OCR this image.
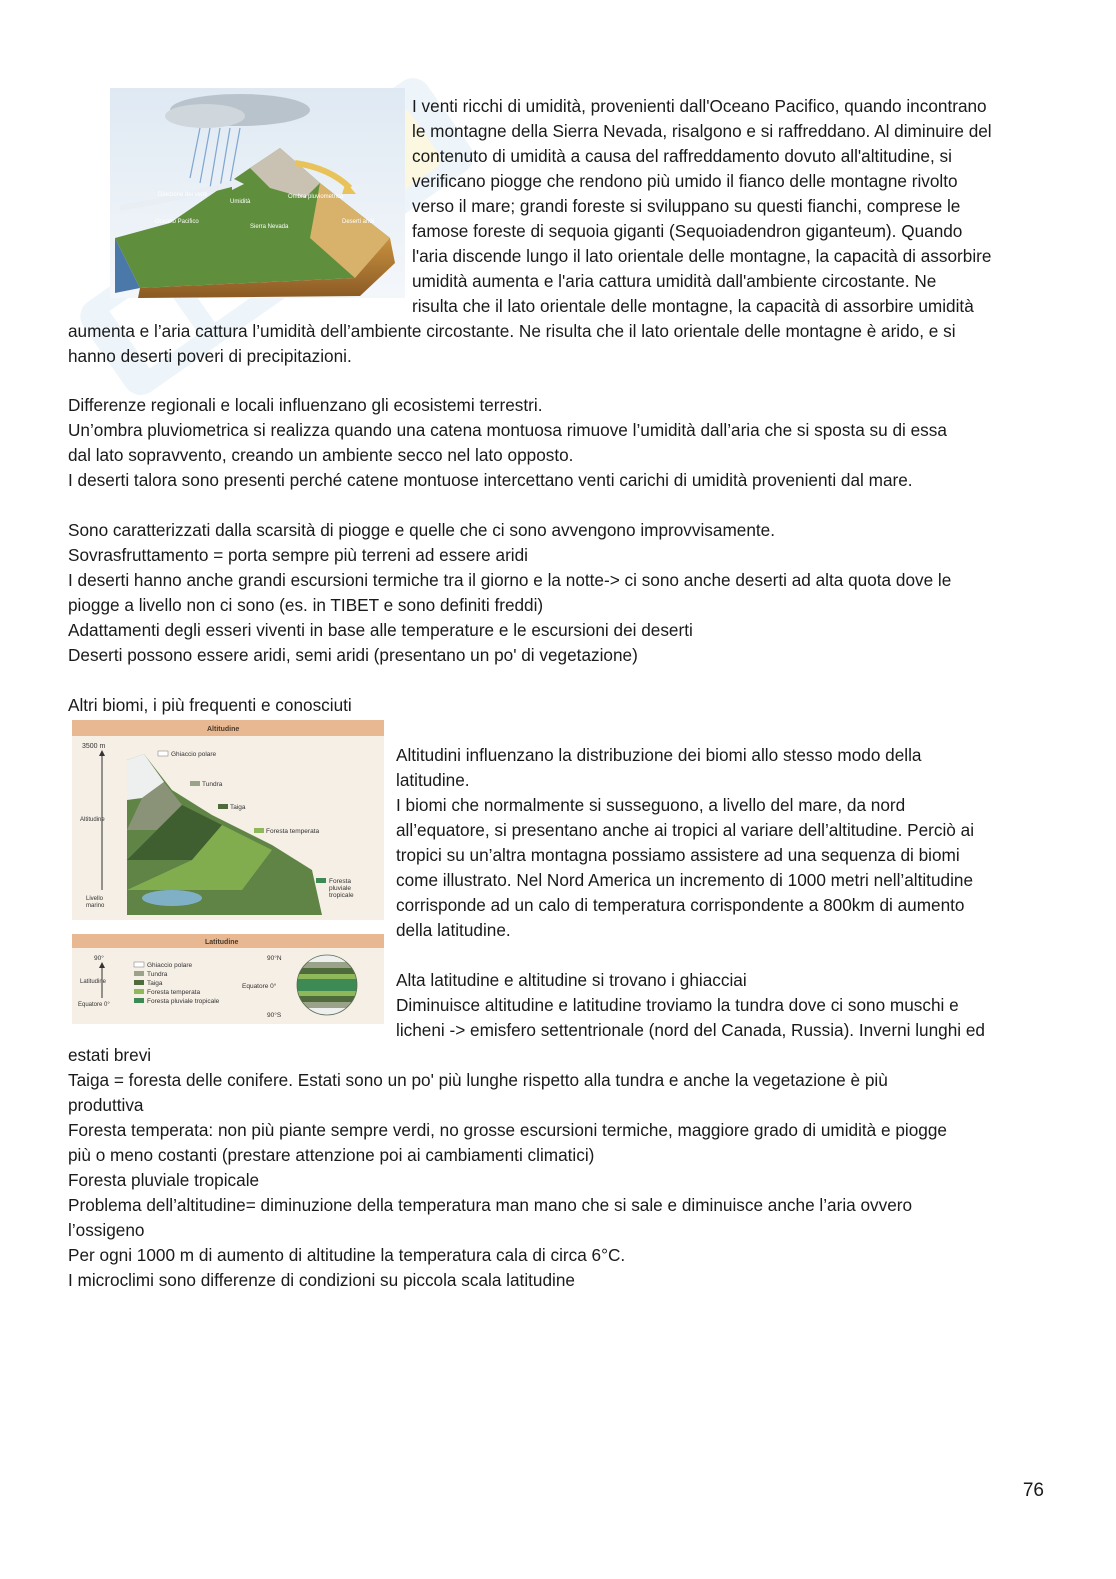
Direzione dei venti
Oceano Pacifico
Umidità
Ombra pluviometrica
Sierra Nevada
Deserti aridi

I venti ricchi di umidità, provenienti dall'Oceano Pacifico, quando incontrano

le montagne della Sierra Nevada, risalgono e si raffreddano. Al diminuire del

contenuto di umidità a causa del raffreddamento dovuto all'altitudine, si

verificano piogge che rendono più umido il fianco delle montagne rivolto

verso il mare; grandi foreste si sviluppano su questi fianchi, comprese le

famose foreste di sequoia giganti (Sequoiadendron giganteum). Quando

l'aria discende lungo il lato orientale delle montagne, la capacità di assorbire

umidità aumenta e l'aria cattura umidità dall'ambiente circostante. Ne

risulta che il lato orientale delle montagne, la capacità di assorbire umidità

aumenta e l’aria cattura l’umidità dell’ambiente circostante. Ne risulta che il lato orientale delle montagne è arido, e si

hanno deserti poveri di precipitazioni.

Differenze regionali e locali influenzano gli ecosistemi terrestri.

Un’ombra pluviometrica si realizza quando una catena montuosa rimuove l’umidità dall’aria che si sposta su di essa

dal lato sopravvento, creando un ambiente secco nel lato opposto.

I deserti talora sono presenti perché catene montuose intercettano venti carichi di umidità provenienti dal mare.

Sono caratterizzati dalla scarsità di piogge e quelle che ci sono avvengono improvvisamente.

Sovrasfruttamento = porta sempre più terreni ad essere aridi

I deserti hanno anche grandi escursioni termiche tra il giorno e la notte-> ci sono anche deserti ad alta quota dove le

piogge a livello non ci sono (es. in TIBET e sono definiti freddi)

Adattamenti degli esseri viventi in base alle temperature e le escursioni dei deserti

Deserti possono essere aridi, semi aridi (presentano un po' di vegetazione)

Altri biomi, i più frequenti e conosciuti

Altitudine
3500 m
Altitudine
Livello
marino
Ghiaccio polare
Tundra
Taiga
Foresta temperata
Foresta
pluviale
tropicale
Latitudine
90°
Latitudine
Equatore 0°
Ghiaccio polare
Tundra
Taiga
Foresta temperata
Foresta pluviale tropicale
90°N
Equatore 0°
90°S

Altitudini influenzano la distribuzione dei biomi allo stesso modo della

latitudine.

I biomi che normalmente si susseguono, a livello del mare, da nord

all’equatore, si presentano anche ai tropici al variare dell’altitudine. Perciò ai

tropici su un’altra montagna possiamo assistere ad una sequenza di biomi

come illustrato. Nel Nord America un incremento di 1000 metri nell’altitudine

corrisponde ad un calo di temperatura corrispondente a 800km di aumento

della latitudine.

Alta latitudine e altitudine si trovano i ghiacciai

Diminuisce altitudine e latitudine troviamo la tundra dove ci sono muschi e

licheni -> emisfero settentrionale (nord del Canada, Russia). Inverni lunghi ed

estati brevi

Taiga = foresta delle conifere. Estati sono un po' più lunghe rispetto alla tundra e anche la vegetazione è più

produttiva

Foresta temperata: non più piante sempre verdi, no grosse escursioni termiche, maggiore grado di umidità e piogge

più o meno costanti (prestare attenzione poi ai cambiamenti climatici)

Foresta pluviale tropicale

Problema dell’altitudine= diminuzione della temperatura man mano che si sale e diminuisce anche l’aria ovvero

l’ossigeno

Per ogni 1000 m di aumento di altitudine la temperatura cala di circa 6°C.

I microclimi sono differenze di condizioni su piccola scala latitudine

76
